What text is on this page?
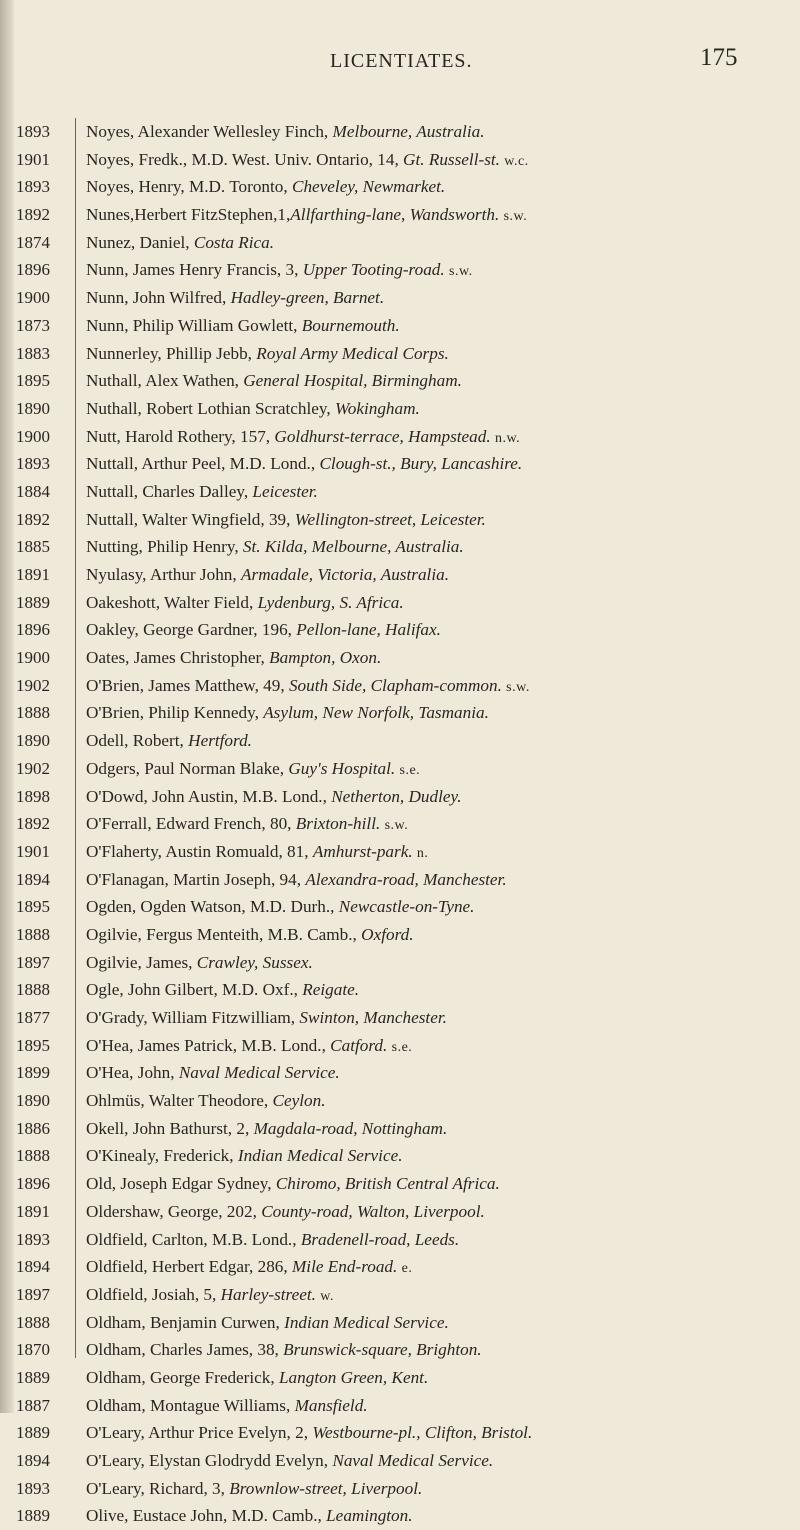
LICENTIATES.	175
1893
1901
1893
1892
1874
1896
1900
1873
1883
1895
1890
1900
1893
1884
1892
1885
1891
1889
1896
1900
1902
1888
1890
1902
1898
1892
1901
1894
1895
1888
1897
1888
1877
1895
1899
1890
1886
1888
1896
1891
1893
1894
1897
1888
1870
1889
1887
1889
1894
1893
1889
Noyes, Alexander Wellesley Finch, Melbourne, Australia.
Noyes, Fredk., M.D. West. Univ. Ontario, 14, Gt. Russell-st. w.c.
Noyes, Henry, M.D. Toronto, Cheveley, Newmarket.
Nunes,Herbert FitzStephen,1,Allfarthing-lane, Wandsworth. s.w.
Nunez, Daniel, Costa Rica.
Nunn, James Henry Francis, 3, Upper Tooting-road. s.w.
Nunn, John Wilfred, Hadley-green, Barnet.
Nunn, Philip William Gowlett, Bournemouth.
Nunnerley, Phillip Jebb, Royal Army Medical Corps.
Nuthall, Alex Wathen, General Hospital, Birmingham.
Nuthall, Robert Lothian Scratchley, Wokingham.
Nutt, Harold Rothery, 157, Goldhurst-terrace, Hampstead. n.w.
Nuttall, Arthur Peel, M.D. Lond., Clough-st., Bury, Lancashire.
Nuttall, Charles Dalley, Leicester.
Nuttall, Walter Wingfield, 39, Wellington-street, Leicester.
Nutting, Philip Henry, St. Kilda, Melbourne, Australia.
Nyulasy, Arthur John, Armadale, Victoria, Australia.
Oakeshott, Walter Field, Lydenburg, S. Africa.
Oakley, George Gardner, 196, Pellon-lane, Halifax.
Oates, James Christopher, Bampton, Oxon.
O'Brien, James Matthew, 49, South Side, Clapham-common. s.w.
O'Brien, Philip Kennedy, Asylum, New Norfolk, Tasmania.
Odell, Robert, Hertford.
Odgers, Paul Norman Blake, Guy's Hospital. s.e.
O'Dowd, John Austin, M.B. Lond., Netherton, Dudley.
O'Ferrall, Edward French, 80, Brixton-hill. s.w.
O'Flaherty, Austin Romuald, 81, Amhurst-park. n.
O'Flanagan, Martin Joseph, 94, Alexandra-road, Manchester.
Ogden, Ogden Watson, M.D. Durh., Newcastle-on-Tyne.
Ogilvie, Fergus Menteith, M.B. Camb., Oxford.
Ogilvie, James, Crawley, Sussex.
Ogle, John Gilbert, M.D. Oxf., Reigate.
O'Grady, William Fitzwilliam, Swinton, Manchester.
O'Hea, James Patrick, M.B. Lond., Catford. s.e.
O'Hea, John, Naval Medical Service.
Ohlmüs, Walter Theodore, Ceylon.
Okell, John Bathurst, 2, Magdala-road, Nottingham.
O'Kinealy, Frederick, Indian Medical Service.
Old, Joseph Edgar Sydney, Chiromo, British Central Africa.
Oldershaw, George, 202, County-road, Walton, Liverpool.
Oldfield, Carlton, M.B. Lond., Bradenell-road, Leeds.
Oldfield, Herbert Edgar, 286, Mile End-road. e.
Oldfield, Josiah, 5, Harley-street. w.
Oldham, Benjamin Curwen, Indian Medical Service.
Oldham, Charles James, 38, Brunswick-square, Brighton.
Oldham, George Frederick, Langton Green, Kent.
Oldham, Montague Williams, Mansfield.
O'Leary, Arthur Price Evelyn, 2, Westbourne-pl., Clifton, Bristol.
O'Leary, Elystan Glodrydd Evelyn, Naval Medical Service.
O'Leary, Richard, 3, Brownlow-street, Liverpool.
Olive, Eustace John, M.D. Camb., Leamington.
